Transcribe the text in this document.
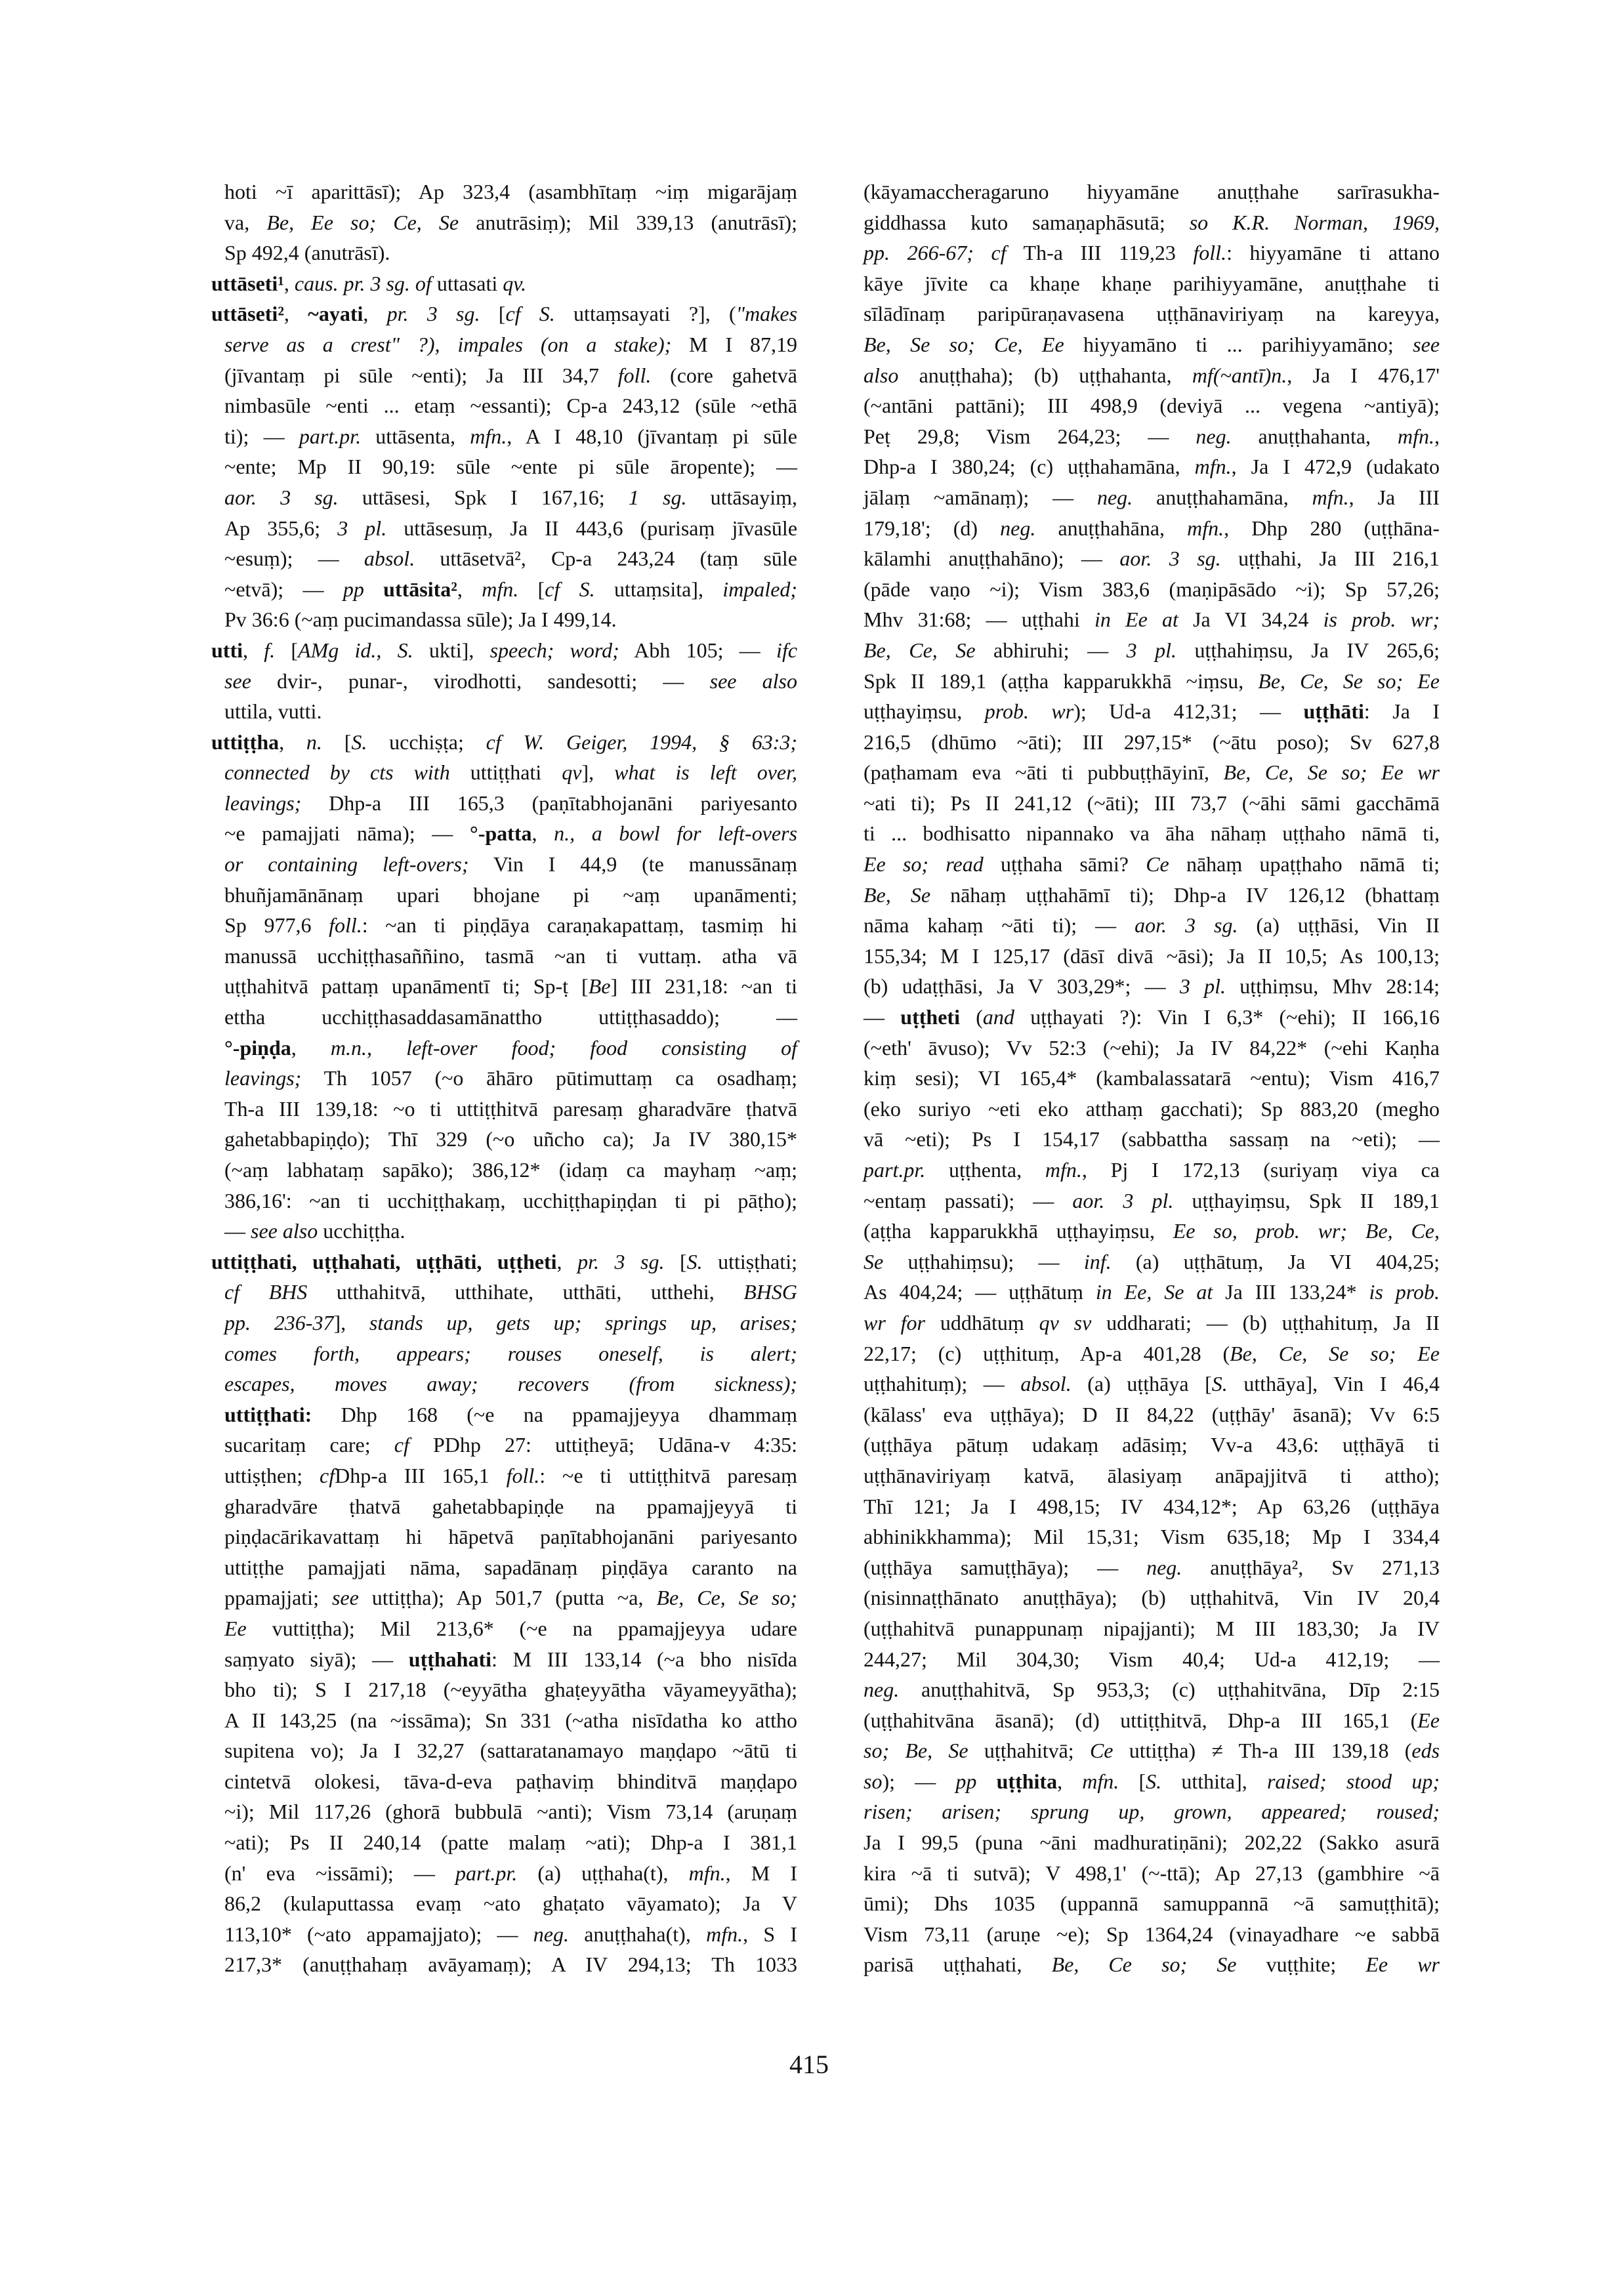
hoti ~ī aparittāsī); Ap 323,4 (asambhītaṃ ~iṃ migarājaṃ
va, Be, Ee so; Ce, Se anutrāsiṃ); Mil 339,13 (anutrāsī);
Sp 492,4 (anutrāsī).
uttāseti¹, caus. pr. 3 sg. of uttasati qv.
uttāseti², ~ayati, pr. 3 sg. [cf S. uttaṃsayati ?], ("makes
serve as a crest" ?), impales (on a stake); M I 87,19
(jīvantaṃ pi sūle ~enti); Ja III 34,7 foll. (core gahetvā
nimbasūle ~enti ... etaṃ ~essanti); Cp-a 243,12 (sūle ~ethā
ti); — part.pr. uttāsenta, mfn., A I 48,10 (jīvantaṃ pi sūle
~ente; Mp II 90,19: sūle ~ente pi sūle āropente); —
aor. 3 sg. uttāsesi, Spk I 167,16; 1 sg. uttāsayiṃ,
Ap 355,6; 3 pl. uttāsesuṃ, Ja II 443,6 (purisaṃ jīvasūle
~esuṃ); — absol. uttāsetvā², Cp-a 243,24 (taṃ sūle
~etvā); — pp uttāsita², mfn. [cf S. uttaṃsita], impaled;
Pv 36:6 (~aṃ pucimandassa sūle); Ja I 499,14.
utti, f. [AMg id., S. ukti], speech; word; Abh 105; — ifc
see dvir-, punar-, virodhotti, sandesotti; — see also
uttila, vutti.
uttiṭṭha, n. [S. ucchiṣṭa; cf W. Geiger, 1994, § 63:3;
connected by cts with uttiṭṭhati qv], what is left over,
leavings; Dhp-a III 165,3 (paṇītabhojanāni pariyesanto
~e pamajjati nāma); — °-patta, n., a bowl for left-overs
or containing left-overs; Vin I 44,9 (te manussānaṃ
bhuñjamānānaṃ upari bhojane pi ~aṃ upanāmenti;
Sp 977,6 foll.: ~an ti piṇḍāya caraṇakapattaṃ, tasmiṃ hi
manussā ucchiṭṭhasaññino, tasmā ~an ti vuttaṃ. atha vā
uṭṭhahitvā pattaṃ upanāmentī ti; Sp-ṭ [Be] III 231,18: ~an ti
ettha ucchiṭṭhasaddasamānattho uttiṭṭhasaddo); —
°-piṇḍa, m.n., left-over food; food consisting of
leavings; Th 1057 (~o āhāro pūtimuttaṃ ca osadhaṃ;
Th-a III 139,18: ~o ti uttiṭṭhitvā paresaṃ gharadvāre ṭhatvā
gahetabbapiṇḍo); Thī 329 (~o uñcho ca); Ja IV 380,15*
(~aṃ labhataṃ sapāko); 386,12* (idaṃ ca mayhaṃ ~aṃ;
386,16': ~an ti ucchiṭṭhakaṃ, ucchiṭṭhapiṇḍan ti pi pāṭho);
— see also ucchiṭṭha.
uttiṭṭhati, uṭṭhahati, uṭṭhāti, uṭṭheti, pr. 3 sg. [S. uttiṣṭhati;
cf BHS utthahitvā, utthihate, utthāti, utthehi, BHSG
pp. 236-37], stands up, gets up; springs up, arises;
comes forth, appears; rouses oneself, is alert;
escapes, moves away; recovers (from sickness);
uttiṭṭhati: Dhp 168 (~e na ppamajjeyya dhammaṃ
sucaritaṃ care; cf PDhp 27: uttiṭheyā; Udāna-v 4:35:
uttiṣṭhen; cfDhp-a III 165,1 foll.: ~e ti uttiṭṭhitvā paresaṃ
gharadvāre ṭhatvā gahetabbapiṇḍe na ppamajjeyyā ti
piṇḍacārikavattaṃ hi hāpetvā paṇītabhojanāni pariyesanto
uttiṭṭhe pamajjati nāma, sapadānaṃ piṇḍāya caranto na
ppamajjati; see uttiṭṭha); Ap 501,7 (putta ~a, Be, Ce, Se so;
Ee vuttiṭṭha); Mil 213,6* (~e na ppamajjeyya udare
saṃyato siyā); — uṭṭhahati: M III 133,14 (~a bho nisīda
bho ti); S I 217,18 (~eyyātha ghaṭeyyātha vāyameyyātha);
A II 143,25 (na ~issāma); Sn 331 (~atha nisīdatha ko attho
supitena vo); Ja I 32,27 (sattaratanamayo maṇḍapo ~ātū ti
cintetvā olokesi, tāva-d-eva paṭhaviṃ bhinditvā maṇḍapo
~i); Mil 117,26 (ghorā bubbulā ~anti); Vism 73,14 (aruṇaṃ
~ati); Ps II 240,14 (patte malaṃ ~ati); Dhp-a I 381,1
(n' eva ~issāmi); — part.pr. (a) uṭṭhaha(t), mfn., M I
86,2 (kulaputtassa evaṃ ~ato ghaṭato vāyamato); Ja V
113,10* (~ato appamajjato); — neg. anuṭṭhaha(t), mfn., S I
217,3* (anuṭṭhahaṃ avāyamaṃ); A IV 294,13; Th 1033
(kāyamaccheragaruno hiyyamāne anuṭṭhahe sarīrasukha-
giddhassa kuto samaṇaphāsutā; so K.R. Norman, 1969,
pp. 266-67; cf Th-a III 119,23 foll.: hiyyamāne ti attano
kāye jīvite ca khaṇe khaṇe parihiyyamāne, anuṭṭhahe ti
sīlādīnaṃ paripūraṇavasena uṭṭhānaviriyaṃ na kareyya,
Be, Se so; Ce, Ee hiyyamāno ti ... parihiyyamāno; see
also anuṭṭhaha); (b) uṭṭhahanta, mf(~antī)n., Ja I 476,17'
(~antāni pattāni); III 498,9 (deviyā ... vegena ~antiyā);
Peṭ 29,8; Vism 264,23; — neg. anuṭṭhahanta, mfn.,
Dhp-a I 380,24; (c) uṭṭhahamāna, mfn., Ja I 472,9 (udakato
jālaṃ ~amānaṃ); — neg. anuṭṭhahamāna, mfn., Ja III
179,18'; (d) neg. anuṭṭhahāna, mfn., Dhp 280 (uṭṭhāna-
kālamhi anuṭṭhahāno); — aor. 3 sg. uṭṭhahi, Ja III 216,1
(pāde vaṇo ~i); Vism 383,6 (maṇipāsādo ~i); Sp 57,26;
Mhv 31:68; — uṭṭhahi in Ee at Ja VI 34,24 is prob. wr;
Be, Ce, Se abhiruhi; — 3 pl. uṭṭhahiṃsu, Ja IV 265,6;
Spk II 189,1 (aṭṭha kapparukkhā ~iṃsu, Be, Ce, Se so; Ee
uṭṭhayiṃsu, prob. wr); Ud-a 412,31; — uṭṭhāti: Ja I
216,5 (dhūmo ~āti); III 297,15* (~ātu poso); Sv 627,8
(paṭhamam eva ~āti ti pubbuṭṭhāyinī, Be, Ce, Se so; Ee wr
~ati ti); Ps II 241,12 (~āti); III 73,7 (~āhi sāmi gacchāmā
ti ... bodhisatto nipannako va āha nāhaṃ uṭṭhaho nāmā ti,
Ee so; read uṭṭhaha sāmi? Ce nāhaṃ upaṭṭhaho nāmā ti;
Be, Se nāhaṃ uṭṭhahāmī ti); Dhp-a IV 126,12 (bhattaṃ
nāma kahaṃ ~āti ti); — aor. 3 sg. (a) uṭṭhāsi, Vin II
155,34; M I 125,17 (dāsī divā ~āsi); Ja II 10,5; As 100,13;
(b) udaṭṭhāsi, Ja V 303,29*; — 3 pl. uṭṭhiṃsu, Mhv 28:14;
— uṭṭheti (and uṭṭhayati ?): Vin I 6,3* (~ehi); II 166,16
(~eth' āvuso); Vv 52:3 (~ehi); Ja IV 84,22* (~ehi Kaṇha
kiṃ sesi); VI 165,4* (kambalassatarā ~entu); Vism 416,7
(eko suriyo ~eti eko atthaṃ gacchati); Sp 883,20 (megho
vā ~eti); Ps I 154,17 (sabbattha sassaṃ na ~eti); —
part.pr. uṭṭhenta, mfn., Pj I 172,13 (suriyaṃ viya ca
~entaṃ passati); — aor. 3 pl. uṭṭhayiṃsu, Spk II 189,1
(aṭṭha kapparukkhā uṭṭhayiṃsu, Ee so, prob. wr; Be, Ce,
Se uṭṭhahiṃsu); — inf. (a) uṭṭhātuṃ, Ja VI 404,25;
As 404,24; — uṭṭhātuṃ in Ee, Se at Ja III 133,24* is prob.
wr for uddhātuṃ qv sv uddharati; — (b) uṭṭhahituṃ, Ja II
22,17; (c) uṭṭhituṃ, Ap-a 401,28 (Be, Ce, Se so; Ee
uṭṭhahituṃ); — absol. (a) uṭṭhāya [S. utthāya], Vin I 46,4
(kālass' eva uṭṭhāya); D II 84,22 (uṭṭhāy' āsanā); Vv 6:5
(uṭṭhāya pātuṃ udakaṃ adāsiṃ; Vv-a 43,6: uṭṭhāyā ti
uṭṭhānaviriyaṃ katvā, ālasiyaṃ anāpajjitvā ti attho);
Thī 121; Ja I 498,15; IV 434,12*; Ap 63,26 (uṭṭhāya
abhinikkhamma); Mil 15,31; Vism 635,18; Mp I 334,4
(uṭṭhāya samuṭṭhāya); — neg. anuṭṭhāya², Sv 271,13
(nisinnaṭṭhānato anuṭṭhāya); (b) uṭṭhahitvā, Vin IV 20,4
(uṭṭhahitvā punappunaṃ nipajjanti); M III 183,30; Ja IV
244,27; Mil 304,30; Vism 40,4; Ud-a 412,19; —
neg. anuṭṭhahitvā, Sp 953,3; (c) uṭṭhahitvāna, Dīp 2:15
(uṭṭhahitvāna āsanā); (d) uttiṭṭhitvā, Dhp-a III 165,1 (Ee
so; Be, Se uṭṭhahitvā; Ce uttiṭṭha) ≠ Th-a III 139,18 (eds
so); — pp uṭṭhita, mfn. [S. utthita], raised; stood up;
risen; arisen; sprung up, grown, appeared; roused;
Ja I 99,5 (puna ~āni madhuratiṇāni); 202,22 (Sakko asurā
kira ~ā ti sutvā); V 498,1' (~-ttā); Ap 27,13 (gambhire ~ā
ūmi); Dhs 1035 (uppannā samuppannā ~ā samuṭṭhitā);
Vism 73,11 (aruṇe ~e); Sp 1364,24 (vinayadhare ~e sabbā
parisā uṭṭhahati, Be, Ce so; Se vuṭṭhite; Ee wr
415
